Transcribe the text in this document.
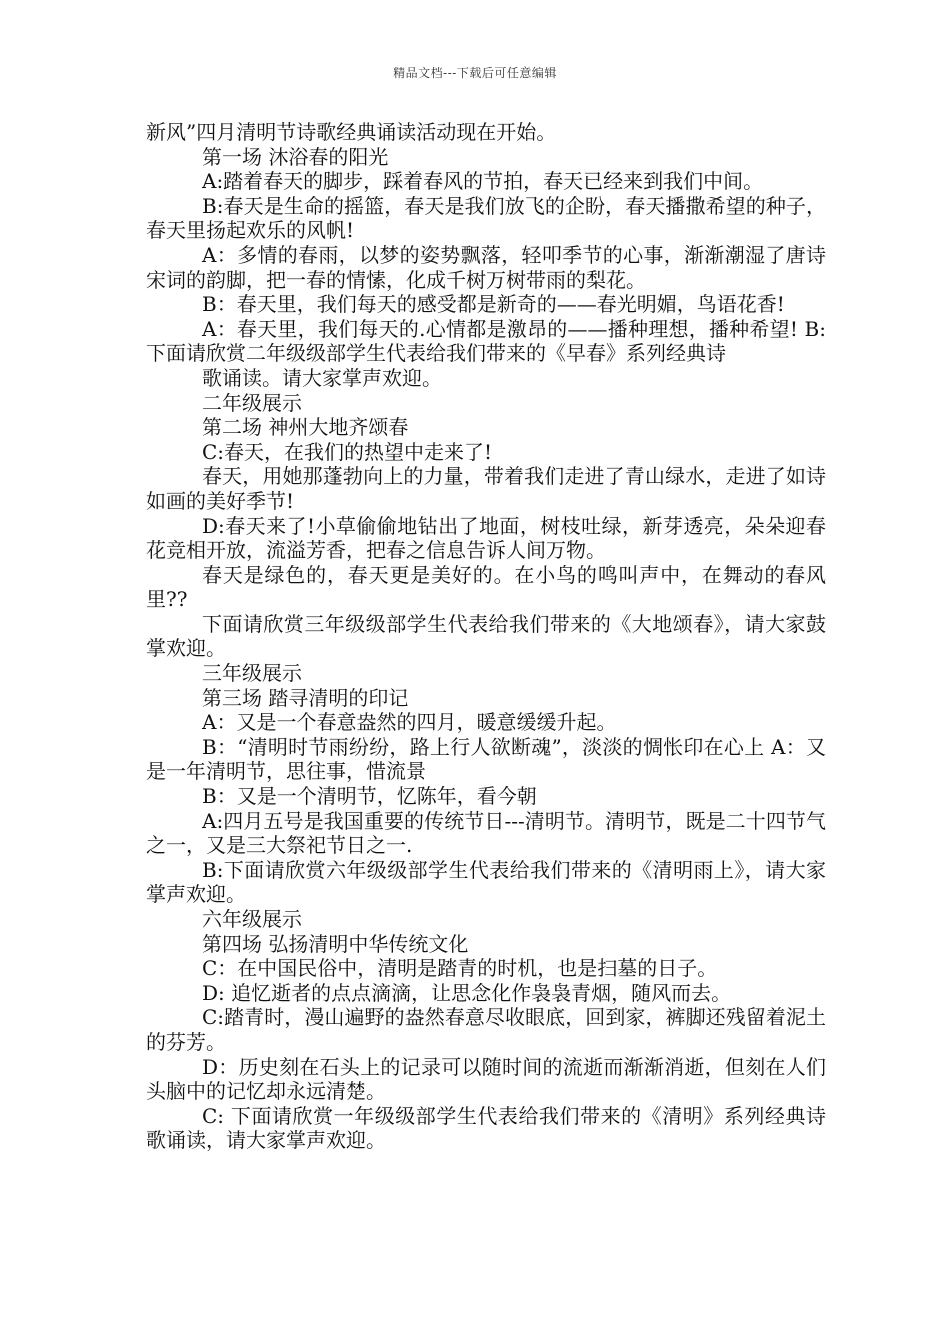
精品文档---下载后可任意编辑

新风”四月清明节诗歌经典诵读活动现在开始。

第一场 沐浴春的阳光

A:踏着春天的脚步，踩着春风的节拍，春天已经来到我们中间。

B:春天是生命的摇篮，春天是我们放飞的企盼，春天播撒希望的种子，春天里扬起欢乐的风帆!

A：多情的春雨，以梦的姿势飘落，轻叩季节的心事，渐渐潮湿了唐诗宋词的韵脚，把一春的情愫，化成千树万树带雨的梨花。

B：春天里，我们每天的感受都是新奇的——春光明媚，鸟语花香!

A：春天里，我们每天的.心情都是激昂的——播种理想，播种希望! B:下面请欣赏二年级级部学生代表给我们带来的《早春》系列经典诗

歌诵读。请大家掌声欢迎。

二年级展示

第二场 神州大地齐颂春

C:春天，在我们的热望中走来了!

春天，用她那蓬勃向上的力量，带着我们走进了青山绿水，走进了如诗如画的美好季节!

D:春天来了!小草偷偷地钻出了地面，树枝吐绿，新芽透亮，朵朵迎春花竞相开放，流溢芳香，把春之信息告诉人间万物。

春天是绿色的，春天更是美好的。在小鸟的鸣叫声中，在舞动的春风里??

下面请欣赏三年级级部学生代表给我们带来的《大地颂春》，请大家鼓掌欢迎。

三年级展示

第三场 踏寻清明的印记

A：又是一个春意盎然的四月，暖意缓缓升起。

B：“清明时节雨纷纷，路上行人欲断魂”，淡淡的惆怅印在心上 A：又是一年清明节，思往事，惜流景

B：又是一个清明节，忆陈年，看今朝

A:四月五号是我国重要的传统节日---清明节。清明节，既是二十四节气之一，又是三大祭祀节日之一.

B:下面请欣赏六年级级部学生代表给我们带来的《清明雨上》，请大家掌声欢迎。

六年级展示

第四场 弘扬清明中华传统文化

C：在中国民俗中，清明是踏青的时机，也是扫墓的日子。

D: 追忆逝者的点点滴滴，让思念化作袅袅青烟，随风而去。

C:踏青时，漫山遍野的盎然春意尽收眼底，回到家，裤脚还残留着泥土的芬芳。

D：历史刻在石头上的记录可以随时间的流逝而渐渐消逝，但刻在人们头脑中的记忆却永远清楚。

C: 下面请欣赏一年级级部学生代表给我们带来的《清明》系列经典诗歌诵读，请大家掌声欢迎。
